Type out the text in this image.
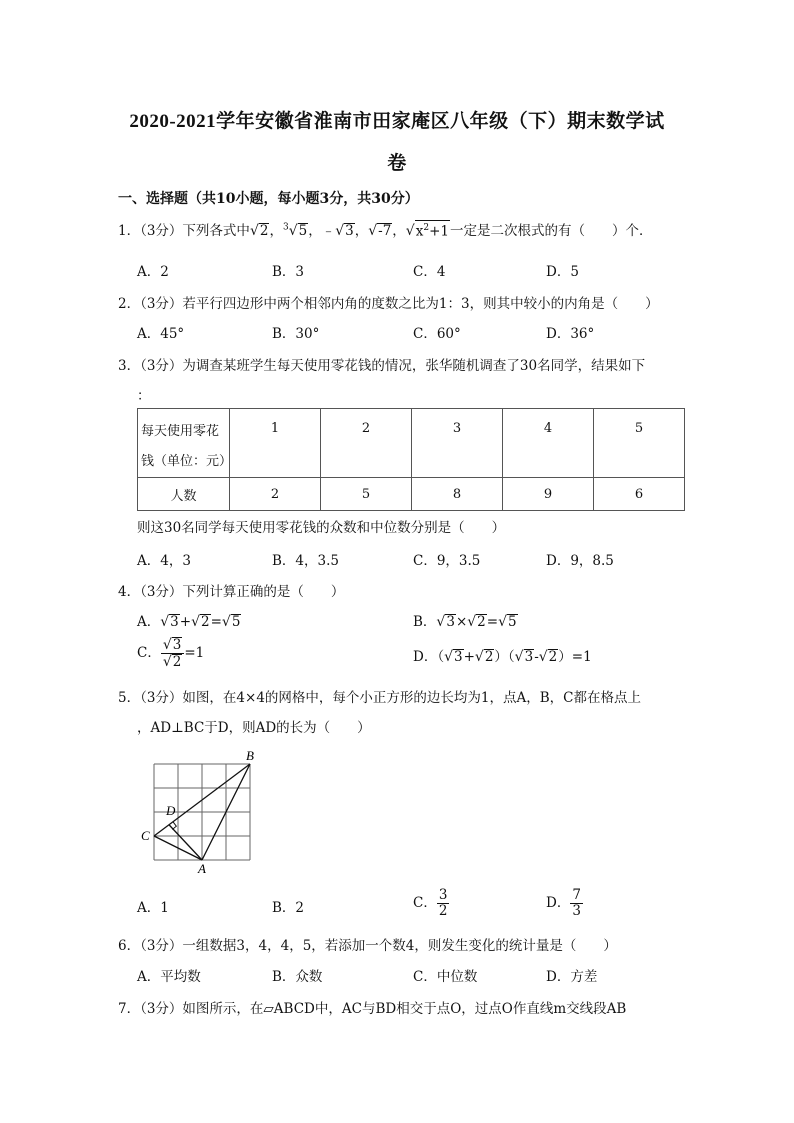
2020-2021学年安徽省淮南市田家庵区八年级（下）期末数学试
卷
一、选择题（共10小题，每小题3分，共30分）
1．（3分）下列各式中√2，$^3$√5，﹣√3，√-7，$√x^2+1$一定是二次根式的有（　　）个．
A．2	B．3	C．4	D．5
2．（3分）若平行四边形中两个相邻内角的度数之比为1：3，则其中较小的内角是（　　）
A．45°	B．30°	C．60°	D．36°
3．（3分）为调查某班学生每天使用零花钱的情况，张华随机调查了30名同学，结果如下
：
每天使用零花
钱（单位：元）	1	2	3	4	5
人数	2	5	8	9	6
则这30名同学每天使用零花钱的众数和中位数分别是（　　）
A．4，3	B．4，3.5	C．9，3.5	D．9，8.5
4．（3分）下列计算正确的是（　　）
A．√3+√2=√5	B．√3×√2=√5
C． $\frac{√3}{√2} =1$	D．（√3+√2）（√3-√2）=1
5．（3分）如图，在4×4的网格中，每个小正方形的边长均为1，点A，B，C都在格点上
，AD⊥BC于D，则AD的长为（　　）
B
D
C
A
A．1	B．2	C． $\frac{3}{2}$	D． $\frac{7}{3}$
6．（3分）一组数据3，4，4，5，若添加一个数4，则发生变化的统计量是（　　）
A．平均数	B．众数	C．中位数	D．方差
7．（3分）如图所示，在▱ABCD中，AC与BD相交于点O，过点O作直线m交线段AB
